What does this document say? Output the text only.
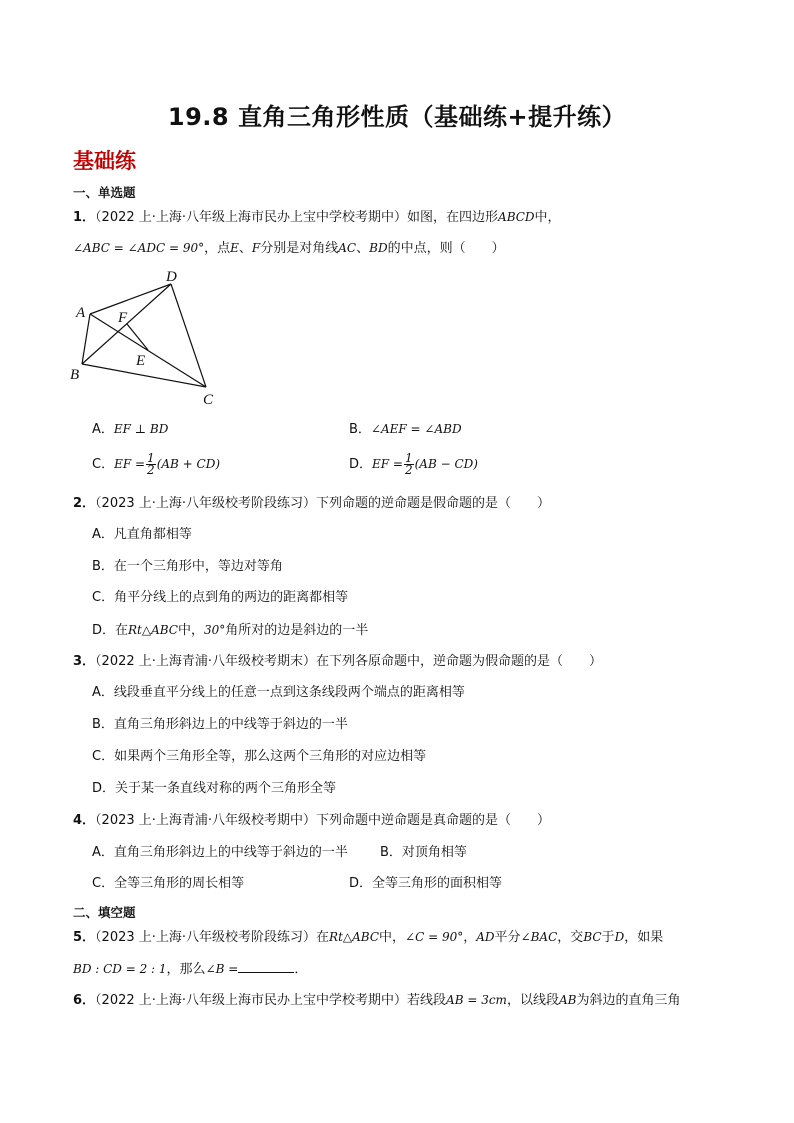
19.8 直角三角形性质（基础练+提升练）
基础练
一、单选题
1．（2022 上·上海·八年级上海市民办上宝中学校考期中）如图，在四边形ABCD中，
∠ABC = ∠ADC = 90°，点E、F分别是对角线AC、BD的中点，则（　　）
A
B
C
D
E
F
A．EF ⊥ BD	B．∠AEF = ∠ABD
C．EF = $\frac{1}{2} (AB + CD)$	D．EF = $\frac{1}{2} (AB - CD)$
2．（2023 上·上海·八年级校考阶段练习）下列命题的逆命题是假命题的是（　　）
A．凡直角都相等
B．在一个三角形中，等边对等角
C．角平分线上的点到角的两边的距离都相等
D．在Rt△ABC中，30°角所对的边是斜边的一半
3．（2022 上·上海青浦·八年级校考期末）在下列各原命题中，逆命题为假命题的是（　　）
A．线段垂直平分线上的任意一点到这条线段两个端点的距离相等
B．直角三角形斜边上的中线等于斜边的一半
C．如果两个三角形全等，那么这两个三角形的对应边相等
D．关于某一条直线对称的两个三角形全等
4．（2023 上·上海青浦·八年级校考期中）下列命题中逆命题是真命题的是（　　）
A．直角三角形斜边上的中线等于斜边的一半 B．对顶角相等
C．全等三角形的周长相等	D．全等三角形的面积相等
二、填空题
5．（2023 上·上海·八年级校考阶段练习）在Rt△ABC中，∠C = 90°，AD平分∠BAC，交BC于D，如果
BD : CD = 2 : 1，那么∠B =	．
6．（2022 上·上海·八年级上海市民办上宝中学校考期中）若线段AB = 3cm，以线段AB为斜边的直角三角
